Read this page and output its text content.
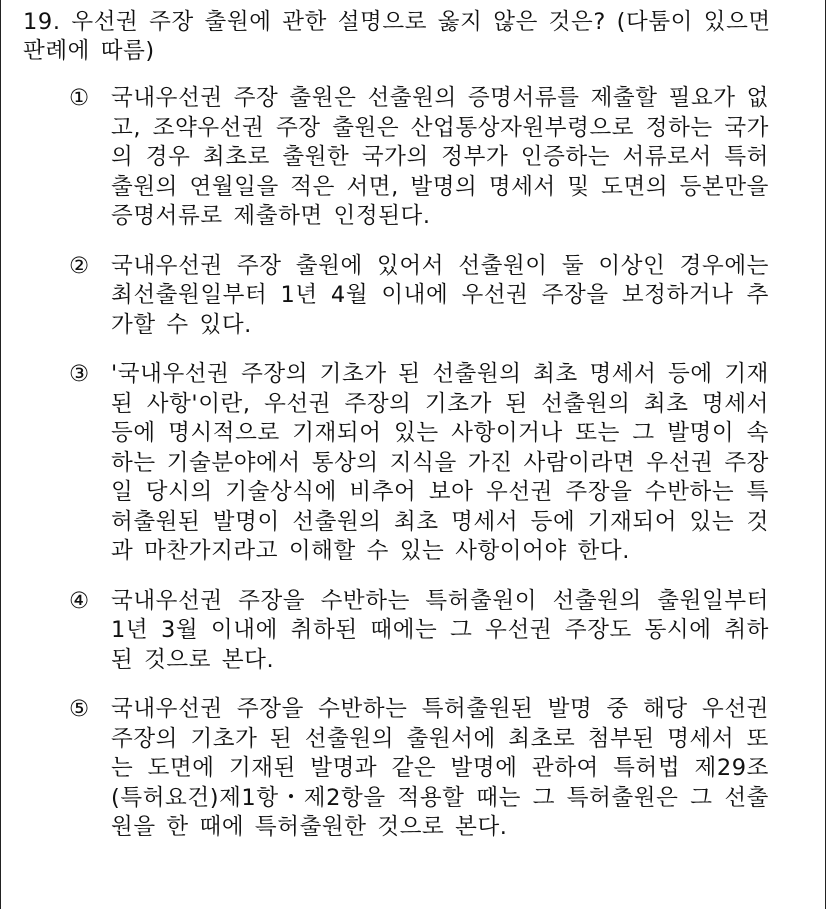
19. 우선권 주장 출원에 관한 설명으로 옳지 않은 것은? (다툼이 있으면 판례에 따름)

① 국내우선권 주장 출원은 선출원의 증명서류를 제출할 필요가 없고, 조약우선권 주장 출원은 산업통상자원부령으로 정하는 국가의 경우 최초로 출원한 국가의 정부가 인증하는 서류로서 특허출원의 연월일을 적은 서면, 발명의 명세서 및 도면의 등본만을 증명서류로 제출하면 인정된다.
② 국내우선권 주장 출원에 있어서 선출원이 둘 이상인 경우에는 최선출원일부터 1년 4월 이내에 우선권 주장을 보정하거나 추가할 수 있다.
③ '국내우선권 주장의 기초가 된 선출원의 최초 명세서 등에 기재된 사항'이란, 우선권 주장의 기초가 된 선출원의 최초 명세서 등에 명시적으로 기재되어 있는 사항이거나 또는 그 발명이 속하는 기술분야에서 통상의 지식을 가진 사람이라면 우선권 주장일 당시의 기술상식에 비추어 보아 우선권 주장을 수반하는 특허출원된 발명이 선출원의 최초 명세서 등에 기재되어 있는 것과 마찬가지라고 이해할 수 있는 사항이어야 한다.
④ 국내우선권 주장을 수반하는 특허출원이 선출원의 출원일부터 1년 3월 이내에 취하된 때에는 그 우선권 주장도 동시에 취하된 것으로 본다.
⑤ 국내우선권 주장을 수반하는 특허출원된 발명 중 해당 우선권 주장의 기초가 된 선출원의 출원서에 최초로 첨부된 명세서 또는 도면에 기재된 발명과 같은 발명에 관하여 특허법 제29조(특허요건)제1항・제2항을 적용할 때는 그 특허출원은 그 선출원을 한 때에 특허출원한 것으로 본다.
